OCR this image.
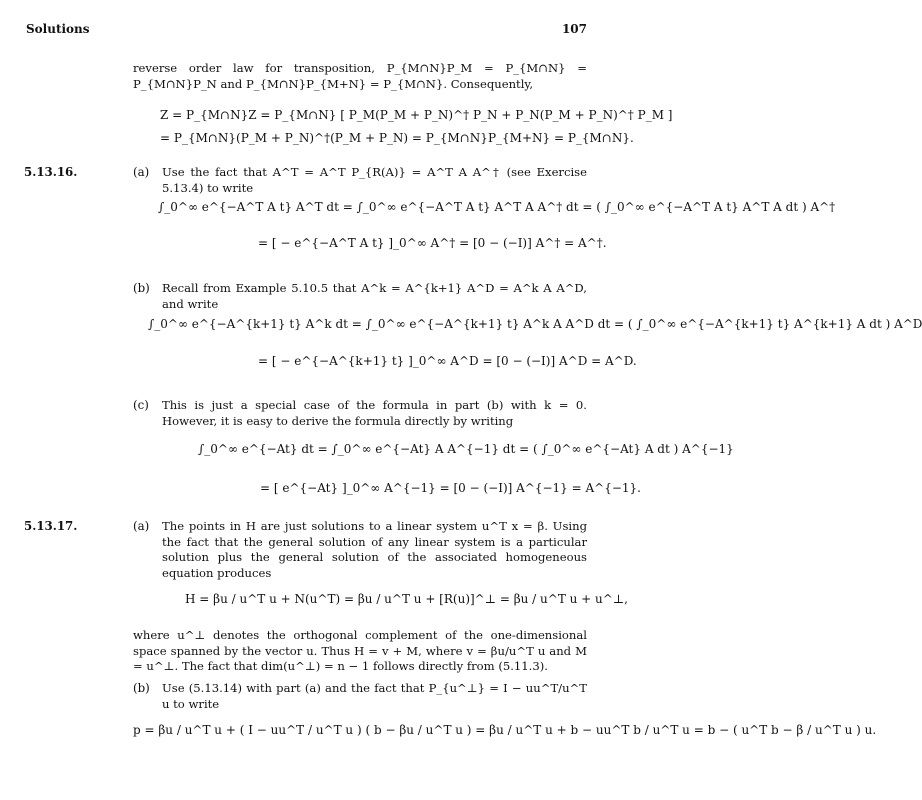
Solutions	107
reverse order law for transposition, P_{M∩N}P_M = P_{M∩N} = P_{M∩N}P_N and P_{M∩N}P_{M+N} = P_{M∩N}. Consequently,
Z = P_{M∩N}Z = P_{M∩N} [ P_M(P_M + P_N)^† P_N + P_N(P_M + P_N)^† P_M ]
= P_{M∩N}(P_M + P_N)^†(P_M + P_N) = P_{M∩N}P_{M+N} = P_{M∩N}.
5.13.16.	(a) Use the fact that A^T = A^T P_{R(A)} = A^T A A^† (see Exercise 5.13.4) to write
∫_0^∞ e^{−A^T A t} A^T dt = ∫_0^∞ e^{−A^T A t} A^T A A^† dt = ( ∫_0^∞ e^{−A^T A t} A^T A dt ) A^†
= [ − e^{−A^T A t} ]_0^∞ A^† = [0 − (−I)] A^† = A^†.
(b) Recall from Example 5.10.5 that A^k = A^{k+1} A^D = A^k A A^D, and write
∫_0^∞ e^{−A^{k+1} t} A^k dt = ∫_0^∞ e^{−A^{k+1} t} A^k A A^D dt = ( ∫_0^∞ e^{−A^{k+1} t} A^{k+1} A dt ) A^D
= [ − e^{−A^{k+1} t} ]_0^∞ A^D = [0 − (−I)] A^D = A^D.
(c) This is just a special case of the formula in part (b) with k = 0. However, it is easy to derive the formula directly by writing
∫_0^∞ e^{−At} dt = ∫_0^∞ e^{−At} A A^{−1} dt = ( ∫_0^∞ e^{−At} A dt ) A^{−1}
= [ e^{−At} ]_0^∞ A^{−1} = [0 − (−I)] A^{−1} = A^{−1}.
5.13.17.	(a) The points in H are just solutions to a linear system u^T x = β. Using the fact that the general solution of any linear system is a particular solution plus the general solution of the associated homogeneous equation produces
H = βu / u^T u + N(u^T) = βu / u^T u + [R(u)]^⊥ = βu / u^T u + u^⊥,
where u^⊥ denotes the orthogonal complement of the one-dimensional space spanned by the vector u. Thus H = v + M, where v = βu/u^T u and M = u^⊥. The fact that dim(u^⊥) = n − 1 follows directly from (5.11.3).
(b) Use (5.13.14) with part (a) and the fact that P_{u^⊥} = I − uu^T/u^T u to write
p = βu / u^T u + ( I − uu^T / u^T u ) ( b − βu / u^T u ) = βu / u^T u + b − uu^T b / u^T u = b − ( u^T b − β / u^T u ) u.
